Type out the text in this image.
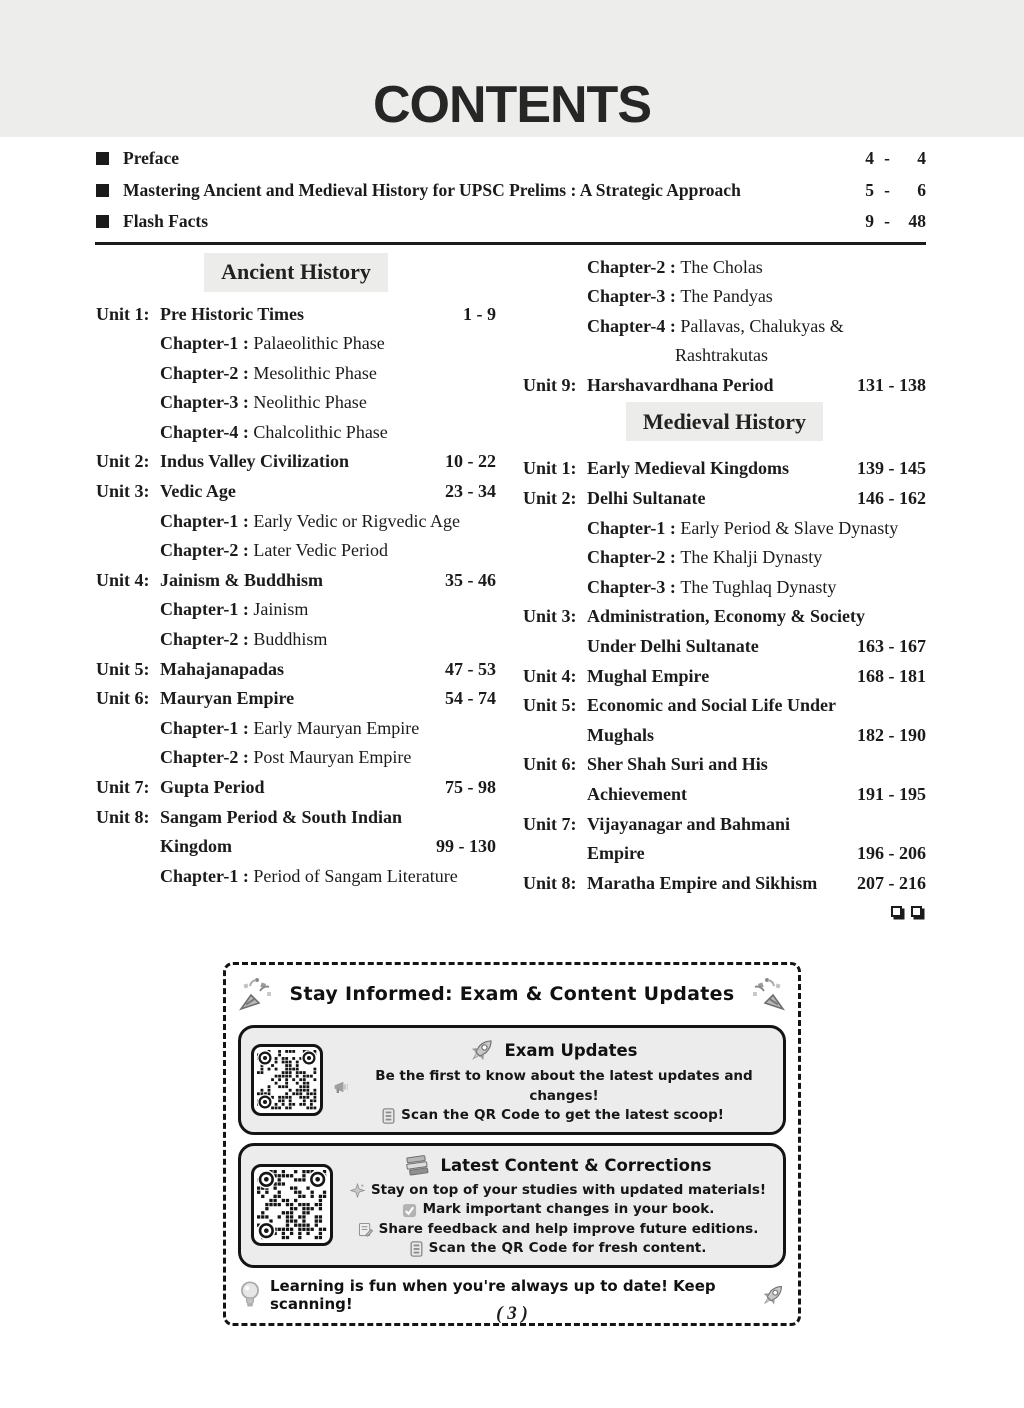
CONTENTS
Preface	4 -	4
Mastering Ancient and Medieval History for UPSC Prelims : A Strategic Approach	5 -	6
Flash Facts	9 -	48
Ancient History
Unit 1: Pre Historic Times	1 - 9
Chapter-1 : Palaeolithic Phase
Chapter-2 : Mesolithic Phase
Chapter-3 : Neolithic Phase
Chapter-4 : Chalcolithic Phase
Unit 2: Indus Valley Civilization	10 - 22
Unit 3: Vedic Age	23 - 34
Chapter-1 : Early Vedic or Rigvedic Age
Chapter-2 : Later Vedic Period
Unit 4: Jainism & Buddhism	35 - 46
Chapter-1 : Jainism
Chapter-2 : Buddhism
Unit 5: Mahajanapadas	47 - 53
Unit 6: Mauryan Empire	54 - 74
Chapter-1 : Early Mauryan Empire
Chapter-2 : Post Mauryan Empire
Unit 7: Gupta Period	75 - 98
Unit 8: Sangam Period & South Indian
Kingdom	99 - 130
Chapter-1 : Period of Sangam Literature
Chapter-2 : The Cholas
Chapter-3 : The Pandyas
Chapter-4 : Pallavas, Chalukyas &
Rashtrakutas
Unit 9: Harshavardhana Period	131 - 138
Medieval History
Unit 1: Early Medieval Kingdoms	139 - 145
Unit 2: Delhi Sultanate	146 - 162
Chapter-1 : Early Period & Slave Dynasty
Chapter-2 : The Khalji Dynasty
Chapter-3 : The Tughlaq Dynasty
Unit 3: Administration, Economy & Society
Under Delhi Sultanate	163 - 167
Unit 4: Mughal Empire	168 - 181
Unit 5: Economic and Social Life Under
Mughals	182 - 190
Unit 6: Sher Shah Suri and His
Achievement	191 - 195
Unit 7: Vijayanagar and Bahmani
Empire	196 - 206
Unit 8: Maratha Empire and Sikhism	207 - 216
Stay Informed: Exam & Content Updates
Exam Updates
Be the first to know about the latest updates and changes!
Scan the QR Code to get the latest scoop!
Latest Content & Corrections
Stay on top of your studies with updated materials!
Mark important changes in your book.
Share feedback and help improve future editions.
Scan the QR Code for fresh content.
Learning is fun when you're always up to date! Keep scanning!	( 3 )
